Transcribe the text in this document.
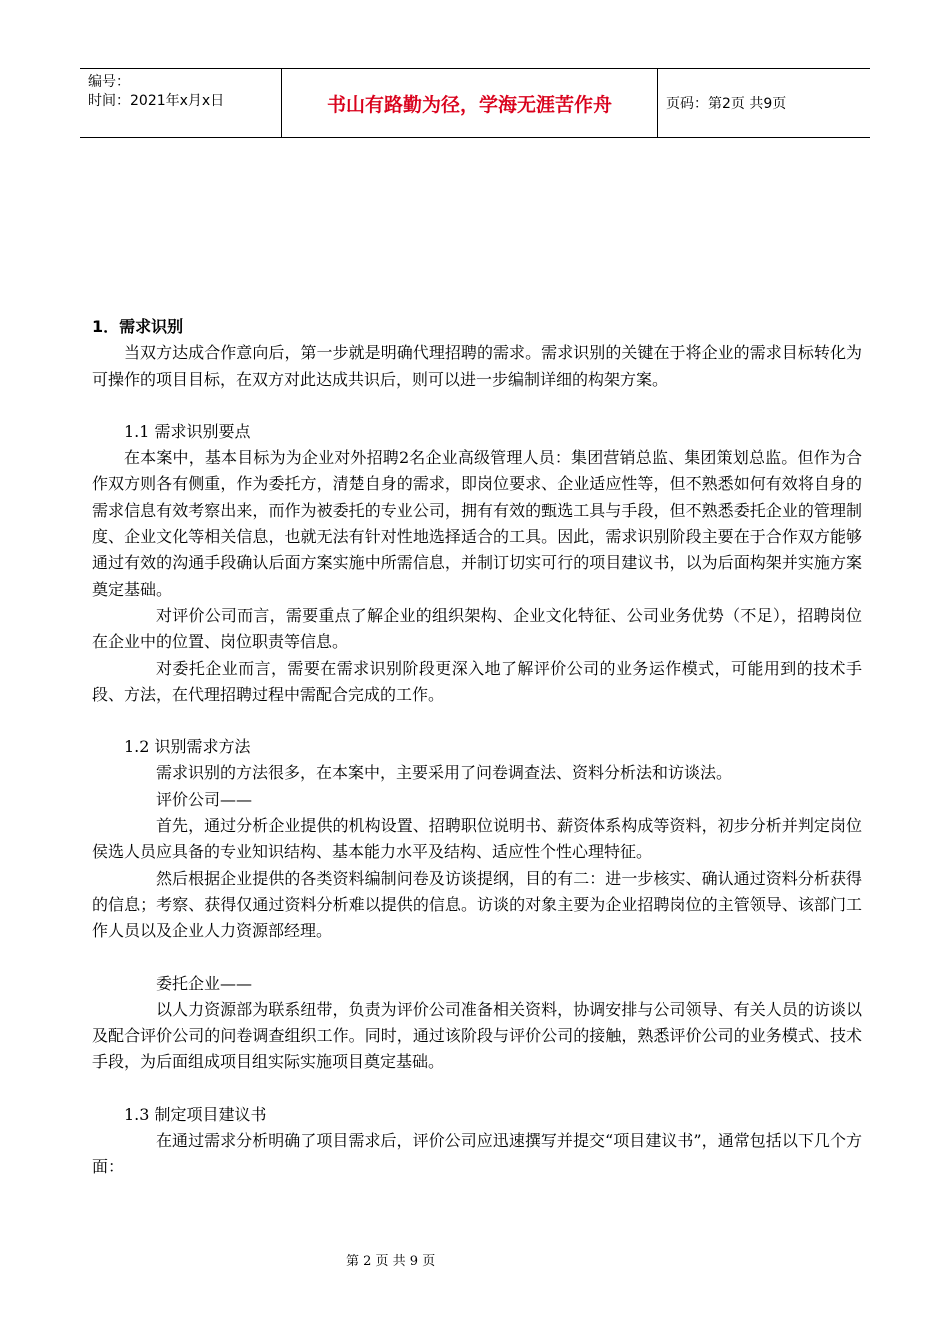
编号：
时间：2021年x月x日	书山有路勤为径，学海无涯苦作舟	页码：第2页 共9页

1．需求识别

当双方达成合作意向后，第一步就是明确代理招聘的需求。需求识别的关键在于将企业的需求目标转化为可操作的项目目标，在双方对此达成共识后，则可以进一步编制详细的构架方案。

1.1 需求识别要点

在本案中，基本目标为为企业对外招聘2名企业高级管理人员：集团营销总监、集团策划总监。但作为合作双方则各有侧重，作为委托方，清楚自身的需求，即岗位要求、企业适应性等，但不熟悉如何有效将自身的需求信息有效考察出来，而作为被委托的专业公司，拥有有效的甄选工具与手段，但不熟悉委托企业的管理制度、企业文化等相关信息，也就无法有针对性地选择适合的工具。因此，需求识别阶段主要在于合作双方能够通过有效的沟通手段确认后面方案实施中所需信息，并制订切实可行的项目建议书，以为后面构架并实施方案奠定基础。

对评价公司而言，需要重点了解企业的组织架构、企业文化特征、公司业务优势（不足），招聘岗位在企业中的位置、岗位职责等信息。

对委托企业而言，需要在需求识别阶段更深入地了解评价公司的业务运作模式，可能用到的技术手段、方法，在代理招聘过程中需配合完成的工作。

1.2 识别需求方法

需求识别的方法很多，在本案中，主要采用了问卷调查法、资料分析法和访谈法。

评价公司——

首先，通过分析企业提供的机构设置、招聘职位说明书、薪资体系构成等资料，初步分析并判定岗位侯选人员应具备的专业知识结构、基本能力水平及结构、适应性个性心理特征。

然后根据企业提供的各类资料编制问卷及访谈提纲，目的有二：进一步核实、确认通过资料分析获得的信息；考察、获得仅通过资料分析难以提供的信息。访谈的对象主要为企业招聘岗位的主管领导、该部门工作人员以及企业人力资源部经理。

委托企业——

以人力资源部为联系纽带，负责为评价公司准备相关资料，协调安排与公司领导、有关人员的访谈以及配合评价公司的问卷调查组织工作。同时，通过该阶段与评价公司的接触，熟悉评价公司的业务模式、技术手段，为后面组成项目组实际实施项目奠定基础。

1.3 制定项目建议书

在通过需求分析明确了项目需求后，评价公司应迅速撰写并提交“项目建议书”，通常包括以下几个方面：

第 2 页 共 9 页
